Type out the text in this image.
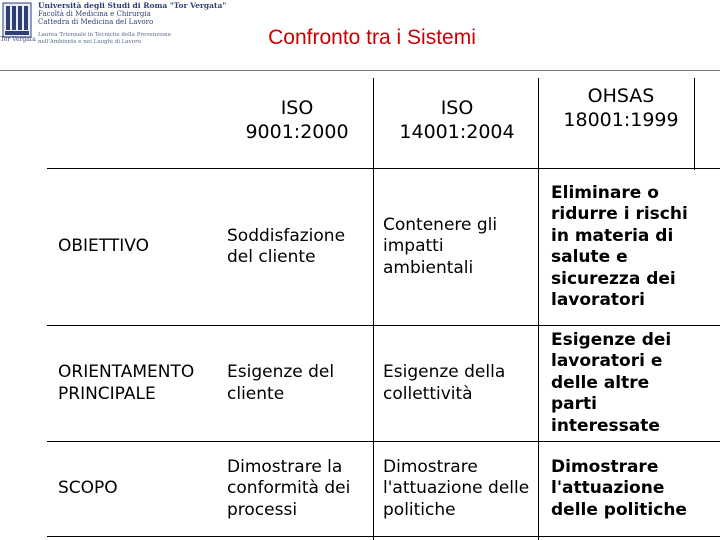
Tor Vergata
Università degli Studi di Roma "Tor Vergata"
Facoltà di Medicina e Chirurgia
Cattedra di Medicina del Lavoro
Laurea Triennale in Tecniche della Prevenzione
nell'Ambiente e nei Luoghi di Lavoro	Confronto tra i Sistemi
ISO 9001:2000
ISO 14001:2004
OHSAS 18001:1999
OBIETTIVO
Soddisfazione del cliente
Contenere gli impatti ambientali
Eliminare o ridurre i rischi in materia di salute e sicurezza dei lavoratori
ORIENTAMENTO PRINCIPALE
Esigenze del cliente
Esigenze della collettività
Esigenze dei lavoratori e delle altre parti interessate
SCOPO
Dimostrare la conformità dei processi
Dimostrare l'attuazione delle politiche
Dimostrare l'attuazione delle politiche
